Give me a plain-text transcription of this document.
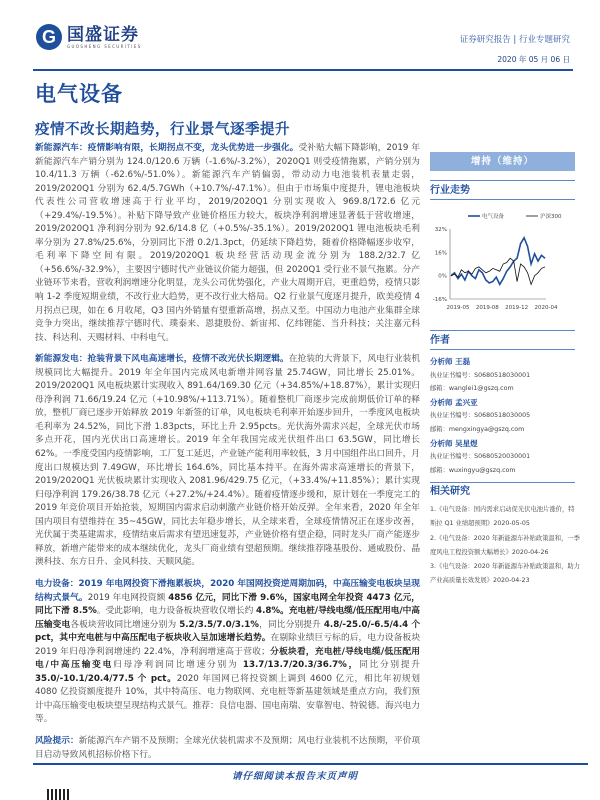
G 国盛证券
GUOSHENG SECURITIES
证券研究报告 | 行业专题研究
2020 年 05 月 06 日
电气设备
疫情不改长期趋势，行业景气逐季提升

新能源汽车：疫情影响有限，长期拐点不变，龙头优势进一步强化。受补贴大幅下降影响，2019 年新能源汽车产销分别为 124.0/120.6 万辆（-1.6%/-3.2%），2020Q1 则受疫情拖累，产销分别为 10.4/11.3 万辆（-62.6%/-51.0%）。新能源汽车产销偏弱，带动动力电池装机表量走弱，2019/2020Q1 分别为 62.4/5.7GWh（+10.7%/-47.1%）。但由于市场集中度提升，锂电池板块代表性公司营收增速高于行业平均，2019/2020Q1 分别实现收入 969.8/172.6 亿元（+29.4%/-19.5%）。补贴下降导致产业链价格压力较大，板块净利润增速显著低于营收增速，2019/2020Q1 净利润分别为 92.6/14.8 亿（+0.5%/-35.1%）。2019/2020Q1 锂电池板块毛利率分别为 27.8%/25.6%，分别同比下滑 0.2/1.3pct，仍延续下降趋势，随着价格降幅逐步收窄，毛利率下降空间有限。2019/2020Q1 板块经营活动现金流分别为 188.2/32.7 亿（+56.6%/-32.9%），主要因宁德时代产业链议价能力超强，但 2020Q1 受行业不景气拖累。分产业链环节来看，营收利润增速分化明显，龙头公司优势强化，产业大周期开启，更重趋势，疫情只影响 1-2 季度短期业绩，不改行业大趋势，更不改行业大格局。Q2 行业景气度逐月提升，欧美疫情 4 月拐点已现，如在 6 月收尾，Q3 国内外销量有望重新高增，拐点又至。中国动力电池产业集群全球竞争力突出，继续推荐宁德时代、璞泰来、恩捷股份、新宙邦、亿纬锂能、当升科技；关注嘉元科技、科达利、天赐材料、中科电气。

新能源发电：抢装背景下风电高速增长，疫情不改光伏长期逻辑。在抢装的大背景下，风电行业装机规模同比大幅提升。2019 年全年国内完成风电新增并网容量 25.74GW，同比增长 25.01%。2019/2020Q1 风电板块累计实现收入 891.64/169.30 亿元（+34.85%/+18.87%），累计实现归母净利润 71.66/19.24 亿元（+10.98%/+113.71%）。随着整机厂商逐步完成前期低价订单的释放，整机厂商已逐步开始释放 2019 年新签的订单，风电板块毛利率开始逐步回升，一季度风电板块毛利率为 24.52%，同比下滑 1.83pcts，环比上升 2.95pcts。光伏海外需求兴起，全球光伏市场多点开花，国内光伏出口高速增长。2019 年全年我国完成光伏组件出口 63.5GW，同比增长 62%。一季度受国内疫情影响，工厂复工延迟，产业链产能利用率较低，3 月中国组件出口回升，月度出口规模达到 7.49GW，环比增长 164.6%，同比基本持平。在海外需求高速增长的背景下，2019/2020Q1 光伏板块累计实现收入 2081.96/429.75 亿元，（+33.4%/+11.85%）；累计实现归母净利润 179.26/38.78 亿元（+27.2%/+24.4%）。随着疫情逐步缓和，原计划在一季度完工的 2019 年竞价项目开始抢装，短期国内需求启动刺激产业链价格开始反弹。全年来看，2020 年全年国内项目有望维持在 35~45GW，同比去年稳步增长，从全球来看，全球疫情情况正在逐步改善，光伏属于类基建需求，疫情结束后需求有望迅速复苏，产业链价格有望企稳，同时龙头厂商产能逐步释放，新增产能带来的成本继续优化，龙头厂商业绩有望超预期。继续推荐隆基股份、通威股份、晶澳科技、东方日升、金风科技、天顺风能。

电力设备：2019 年电网投资下滑拖累板块，2020 年国网投资逆周期加码，中高压输变电板块呈现结构式景气。2019 年电网投资额 4856 亿元，同比下滑 9.6%，国家电网全年投资 4473 亿元，同比下滑 8.5%。受此影响，电力设备板块营收仅增长约 4.8%。充电桩/导线电缆/低压配用电/中高压输变电各板块营收同比增速分别为 5.2/3.5/7.0/3.1%，同比分别提升 4.8/-25.0/-6.5/4.4 个 pct，其中充电桩与中高压配电子板块收入呈加速增长趋势。在剔除业绩巨亏标的后，电力设备板块 2019 年归母净利润增速约 22.4%，净利润增速高于营收；分板块看，充电桩/导线电缆/低压配用电/中高压输变电归母净利润同比增速分别为 13.7/13.7/20.3/36.7%，同比分别提升 35.0/-10.1/20.4/77.5 个 pct。2020 年国网已将投资额上调到 4600 亿元，相比年初规划 4080 亿投资额度提升 10%，其中特高压、电力物联网、充电桩等新基建领域是重点方向，我们预计中高压输变电板块望呈现结构式景气。推荐：良信电器、国电南瑞、安靠智电、特锐德、海兴电力等。

风险提示：新能源汽车产销不及预期；全球光伏装机需求不及预期；风电行业装机不达预期，平价项目启动导致风机招标价格下行。

增持（维持）
行业走势
32%
16%
0%
-16%
2019-05 2019-08 2019-12 2020-04
电气设备	沪深300
作者
分析师 王磊
执业证书编号：S0680518030001
邮箱：wanglei1@gszq.com
分析师 孟兴亚
执业证书编号：S0680518030005
邮箱：mengxingya@gszq.com
分析师 吴星煜
执业证书编号：S0680520030001
邮箱：wuxingyu@gszq.com
相关研究
1.《电气设备：国内需求启动促光伏电池片涨价，特斯拉 Q1 业绩超预期》2020-05-05
2.《电气设备：2020 年新能源车补贴政策温和，一季度风电工程投资额大幅增长》2020-04-26
3.《电气设备：2020 年新能源车补贴政策温和，助力产业高质量长效发展》2020-04-23
请仔细阅读本报告末页声明
